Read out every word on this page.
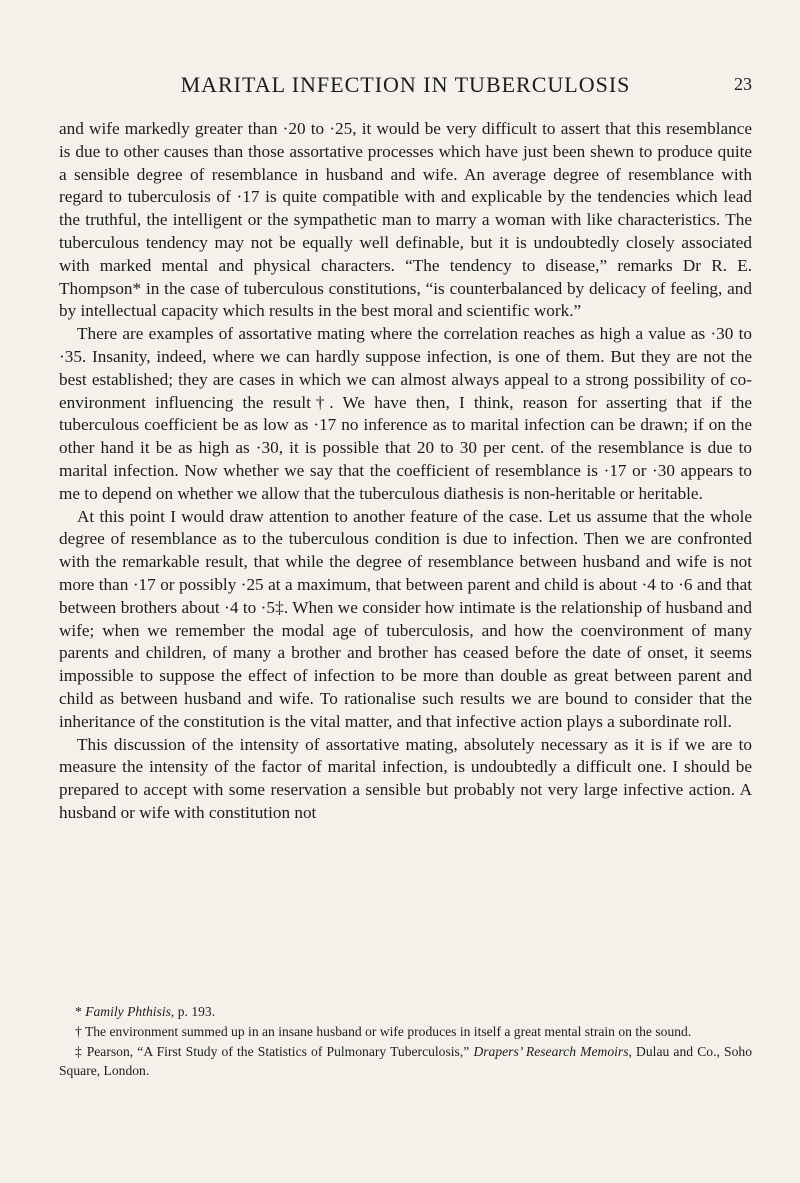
MARITAL INFECTION IN TUBERCULOSIS	23

and wife markedly greater than ·20 to ·25, it would be very difficult to assert that this resemblance is due to other causes than those assortative processes which have just been shewn to produce quite a sensible degree of resemblance in husband and wife. An average degree of resemblance with regard to tuberculosis of ·17 is quite compatible with and explicable by the tendencies which lead the truthful, the intelligent or the sympathetic man to marry a woman with like characteristics. The tuberculous tendency may not be equally well definable, but it is undoubtedly closely associated with marked mental and physical characters. “The tendency to disease,” remarks Dr R. E. Thompson* in the case of tuberculous constitutions, “is counterbalanced by delicacy of feeling, and by intellectual capacity which results in the best moral and scientific work.”

There are examples of assortative mating where the correlation reaches as high a value as ·30 to ·35. Insanity, indeed, where we can hardly suppose infection, is one of them. But they are not the best established; they are cases in which we can almost always appeal to a strong possibility of co-environment influencing the result†. We have then, I think, reason for asserting that if the tuberculous coefficient be as low as ·17 no inference as to marital infection can be drawn; if on the other hand it be as high as ·30, it is possible that 20 to 30 per cent. of the resemblance is due to marital infection. Now whether we say that the coefficient of resemblance is ·17 or ·30 appears to me to depend on whether we allow that the tuberculous diathesis is non-heritable or heritable.

At this point I would draw attention to another feature of the case. Let us assume that the whole degree of resemblance as to the tuberculous condition is due to infection. Then we are confronted with the remarkable result, that while the degree of resemblance between husband and wife is not more than ·17 or possibly ·25 at a maximum, that between parent and child is about ·4 to ·6 and that between brothers about ·4 to ·5‡. When we consider how intimate is the relationship of husband and wife; when we remember the modal age of tuberculosis, and how the coenvironment of many parents and children, of many a brother and brother has ceased before the date of onset, it seems impossible to suppose the effect of infection to be more than double as great between parent and child as between husband and wife. To rationalise such results we are bound to consider that the inheritance of the constitution is the vital matter, and that infective action plays a subordinate roll.

This discussion of the intensity of assortative mating, absolutely necessary as it is if we are to measure the intensity of the factor of marital infection, is undoubtedly a difficult one. I should be prepared to accept with some reservation a sensible but probably not very large infective action. A husband or wife with constitution not

* Family Phthisis, p. 193.

† The environment summed up in an insane husband or wife produces in itself a great mental strain on the sound.

‡ Pearson, “A First Study of the Statistics of Pulmonary Tuberculosis,” Drapers’ Research Memoirs, Dulau and Co., Soho Square, London.
